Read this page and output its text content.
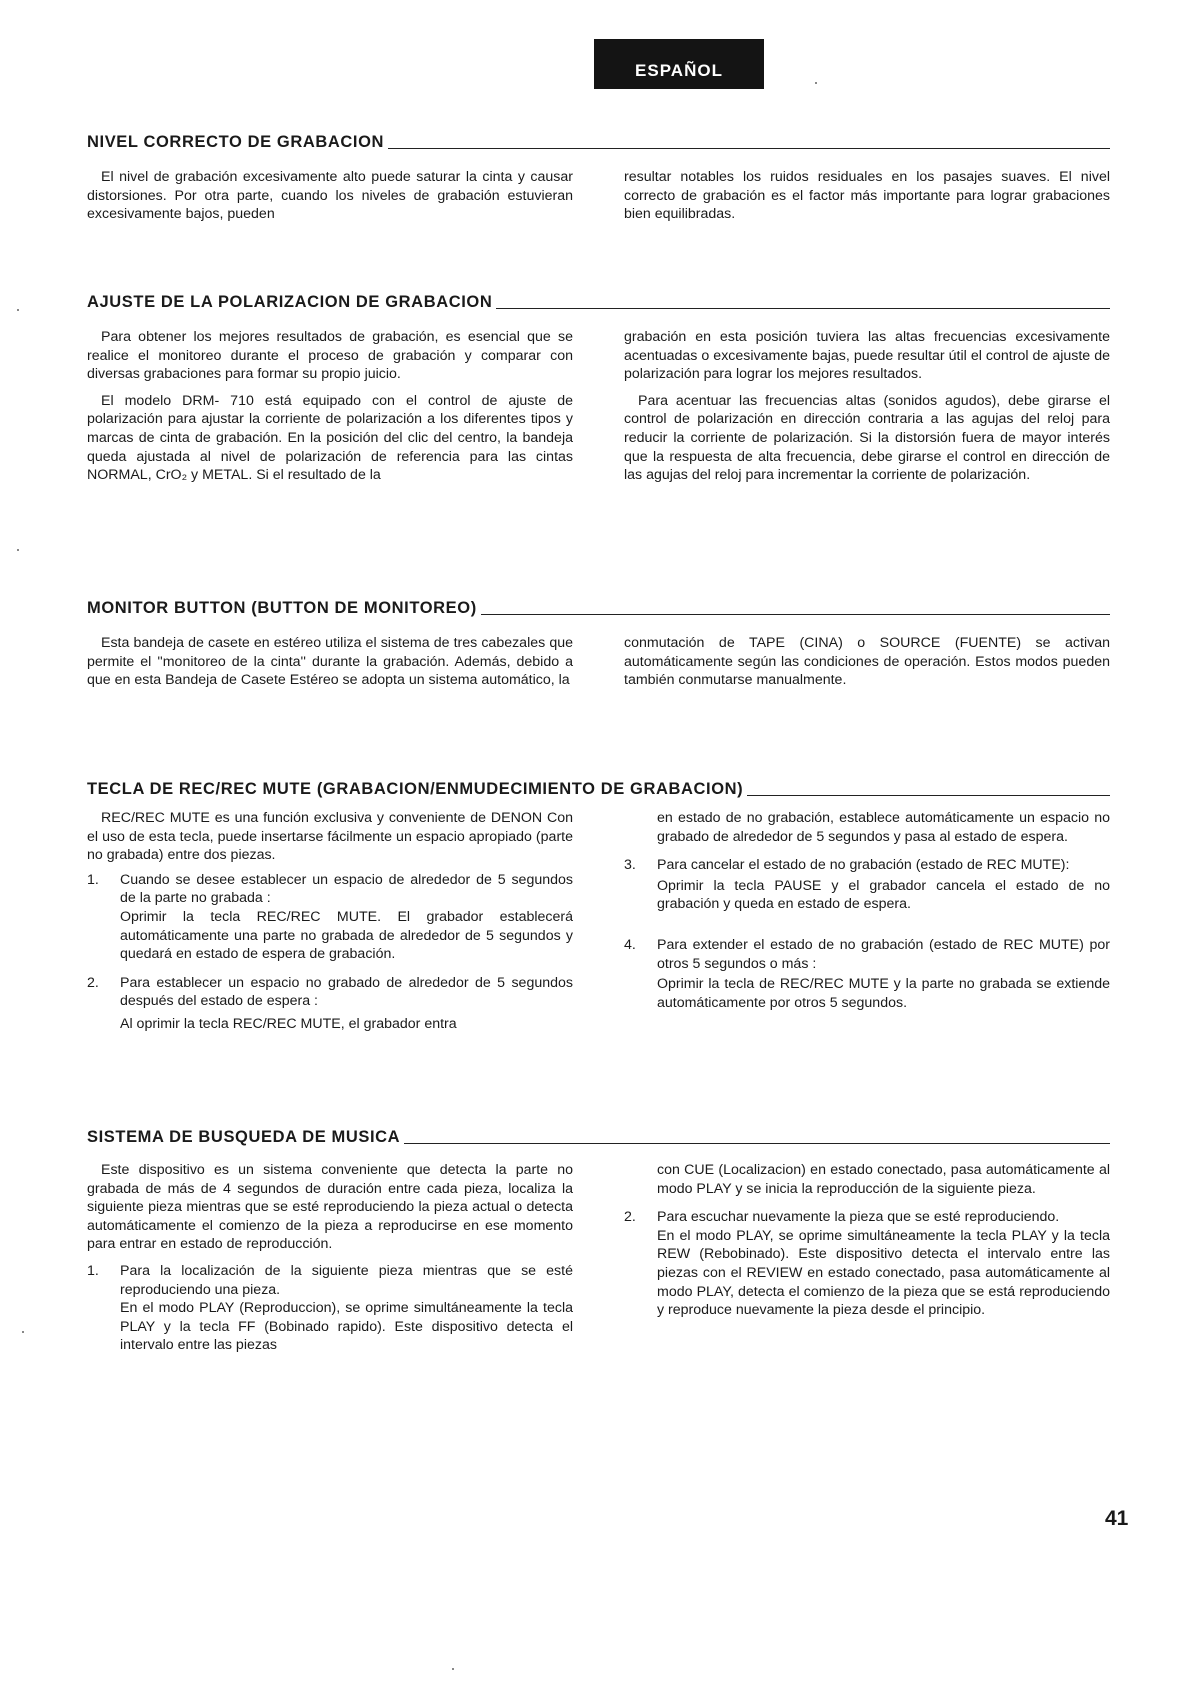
ESPAÑOL
NIVEL CORRECTO DE GRABACION

El nivel de grabación excesivamente alto puede saturar la cinta y causar distorsiones. Por otra parte, cuando los niveles de grabación estuvieran excesivamente bajos, pueden

resultar notables los ruidos residuales en los pasajes suaves. El nivel correcto de grabación es el factor más importante para lograr grabaciones bien equilibradas.

AJUSTE DE LA POLARIZACION DE GRABACION

Para obtener los mejores resultados de grabación, es esencial que se realice el monitoreo durante el proceso de grabación y comparar con diversas grabaciones para formar su propio juicio.

El modelo DRM- 710 está equipado con el control de ajuste de polarización para ajustar la corriente de polarización a los diferentes tipos y marcas de cinta de grabación. En la posición del clic del centro, la bandeja queda ajustada al nivel de polarización de referencia para las cintas NORMAL, CrO₂ y METAL. Si el resultado de la

grabación en esta posición tuviera las altas frecuencias excesivamente acentuadas o excesivamente bajas, puede resultar útil el control de ajuste de polarización para lograr los mejores resultados.

Para acentuar las frecuencias altas (sonidos agudos), debe girarse el control de polarización en dirección contraria a las agujas del reloj para reducir la corriente de polarización. Si la distorsión fuera de mayor interés que la respuesta de alta frecuencia, debe girarse el control en dirección de las agujas del reloj para incrementar la corriente de polarización.

MONITOR BUTTON (BUTTON DE MONITOREO)

Esta bandeja de casete en estéreo utiliza el sistema de tres cabezales que permite el ''monitoreo de la cinta'' durante la grabación. Además, debido a que en esta Bandeja de Casete Estéreo se adopta un sistema automático, la

conmutación de TAPE (CINA) o SOURCE (FUENTE) se activan automáticamente según las condiciones de operación. Estos modos pueden también conmutarse manualmente.

TECLA DE REC/REC MUTE (GRABACION/ENMUDECIMIENTO DE GRABACION)

REC/REC MUTE es una función exclusiva y conveniente de DENON Con el uso de esta tecla, puede insertarse fácilmente un espacio apropiado (parte no grabada) entre dos piezas.

1.	Cuando se desee establecer un espacio de alrededor de 5 segundos de la parte no grabada :
Oprimir la tecla REC/REC MUTE. El grabador establecerá automáticamente una parte no grabada de alrededor de 5 segundos y quedará en estado de espera de grabación.
2.	Para establecer un espacio no grabado de alrededor de 5 segundos después del estado de espera :
Al oprimir la tecla REC/REC MUTE, el grabador entra

en estado de no grabación, establece automáticamente un espacio no grabado de alrededor de 5 segundos y pasa al estado de espera.

3.	Para cancelar el estado de no grabación (estado de REC MUTE):
Oprimir la tecla PAUSE y el grabador cancela el estado de no grabación y queda en estado de espera.
4.	Para extender el estado de no grabación (estado de REC MUTE) por otros 5 segundos o más :
Oprimir la tecla de REC/REC MUTE y la parte no grabada se extiende automáticamente por otros 5 segundos.
SISTEMA DE BUSQUEDA DE MUSICA

Este dispositivo es un sistema conveniente que detecta la parte no grabada de más de 4 segundos de duración entre cada pieza, localiza la siguiente pieza mientras que se esté reproduciendo la pieza actual o detecta automáticamente el comienzo de la pieza a reproducirse en ese momento para entrar en estado de reproducción.

1.	Para la localización de la siguiente pieza mientras que se esté reproduciendo una pieza.
En el modo PLAY (Reproduccion), se oprime simultáneamente la tecla PLAY y la tecla FF (Bobinado rapido). Este dispositivo detecta el intervalo entre las piezas

con CUE (Localizacion) en estado conectado, pasa automáticamente al modo PLAY y se inicia la reproducción de la siguiente pieza.

2.	Para escuchar nuevamente la pieza que se esté reproduciendo.
En el modo PLAY, se oprime simultáneamente la tecla PLAY y la tecla REW (Rebobinado). Este dispositivo detecta el intervalo entre las piezas con el REVIEW en estado conectado, pasa automáticamente al modo PLAY, detecta el comienzo de la pieza que se está reproduciendo y reproduce nuevamente la pieza desde el principio.
41
